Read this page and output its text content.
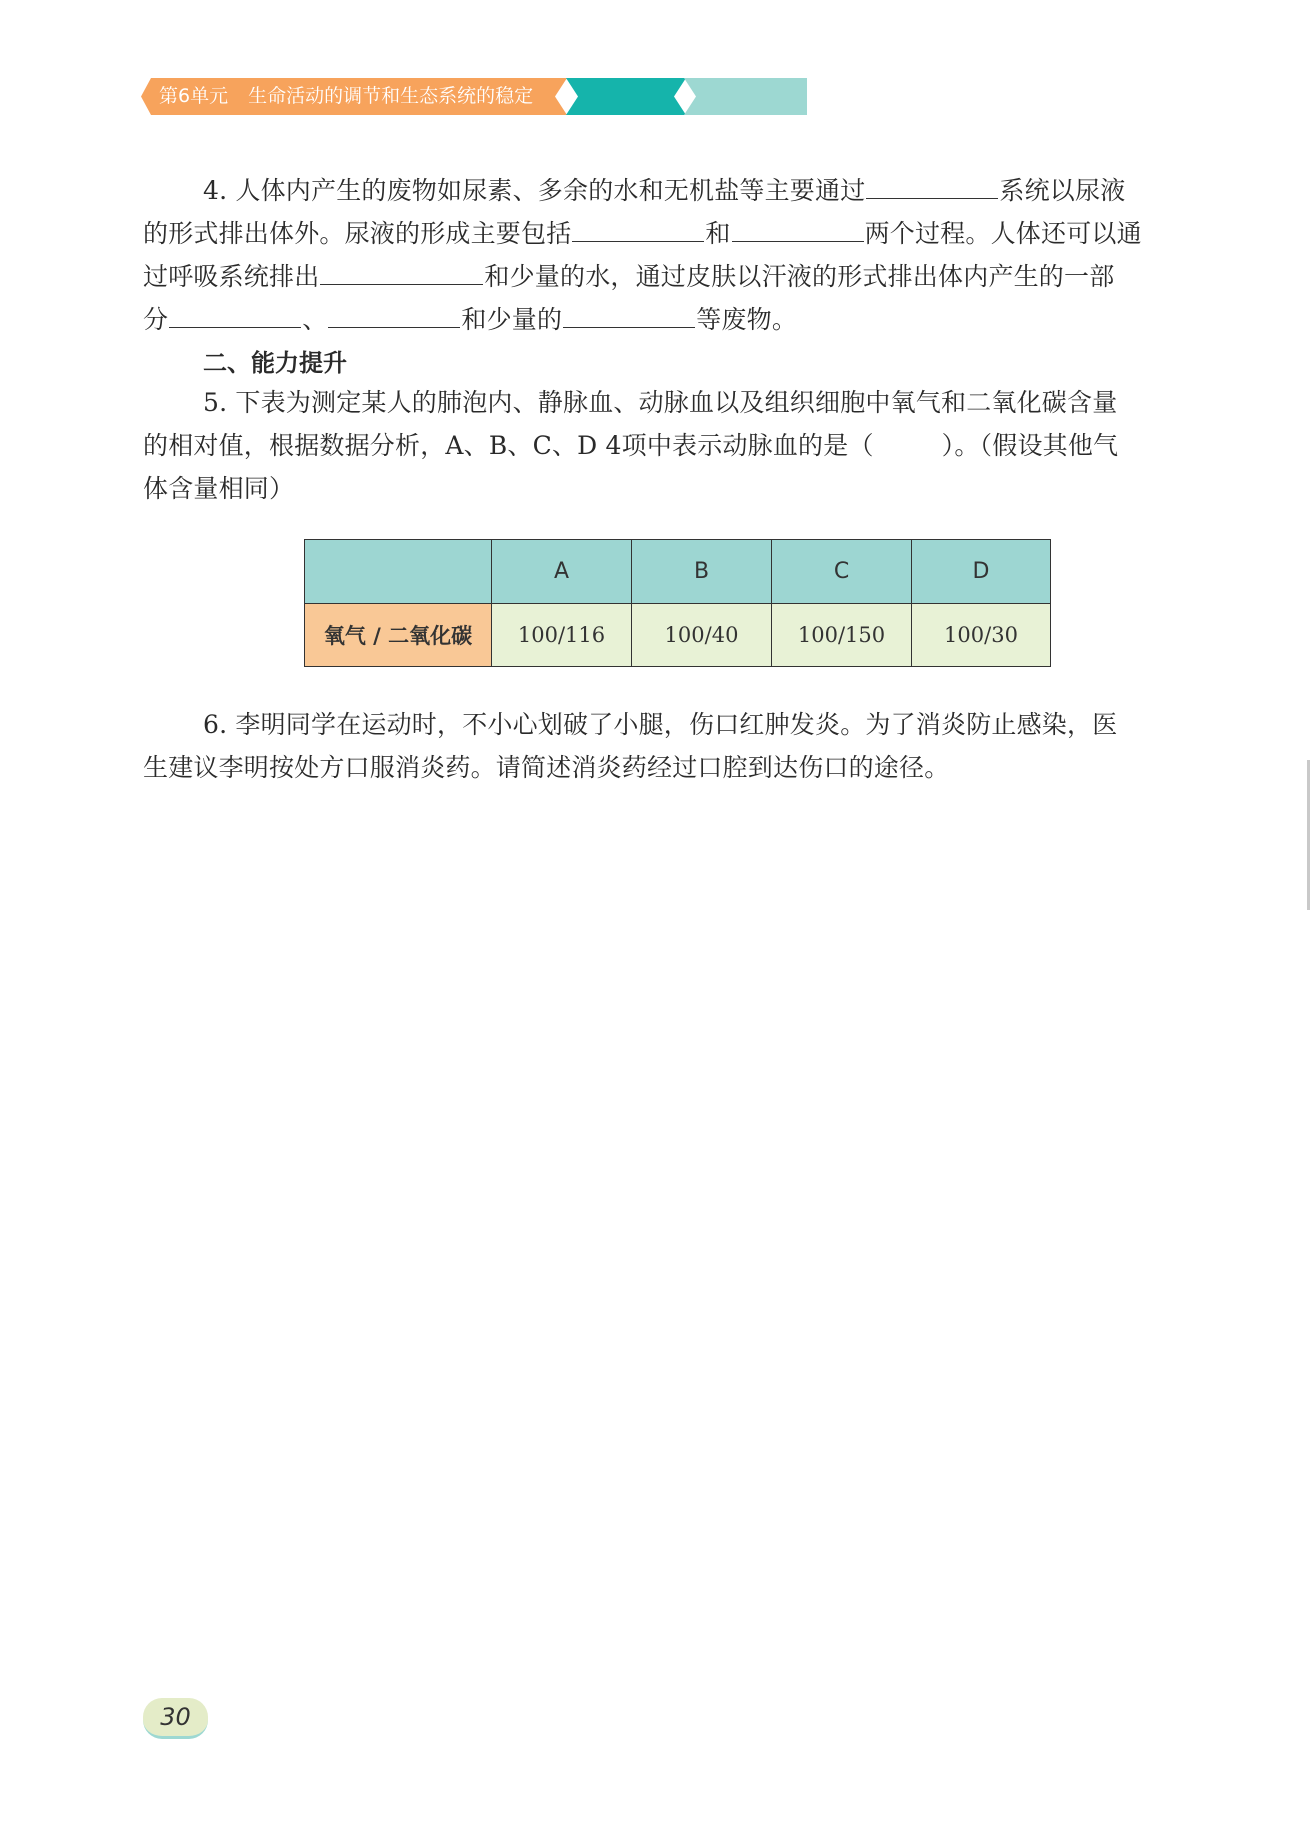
第6单元 生命活动的调节和生态系统的稳定
4. 人体内产生的废物如尿素、多余的水和无机盐等主要通过	系统以尿液
的形式排出体外。尿液的形成主要包括	和	两个过程。人体还可以通
过呼吸系统排出	和少量的水，通过皮肤以汗液的形式排出体内产生的一部
分	、	和少量的	等废物。
二、能力提升
5. 下表为测定某人的肺泡内、静脉血、动脉血以及组织细胞中氧气和二氧化碳含量
的相对值，根据数据分析，A、B、C、D 4项中表示动脉血的是（	）。（假设其他气
体含量相同）
	A	B	C	D
氧气 / 二氧化碳	100/116	100/40	100/150	100/30
6. 李明同学在运动时，不小心划破了小腿，伤口红肿发炎。为了消炎防止感染，医
生建议李明按处方口服消炎药。请简述消炎药经过口腔到达伤口的途径。
30
